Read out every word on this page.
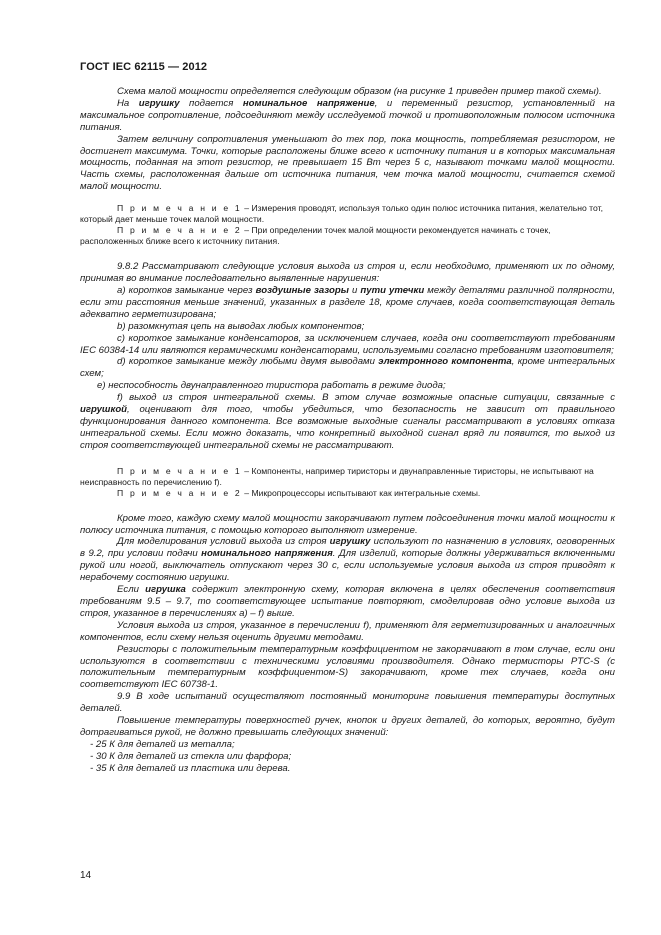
ГОСТ IEC 62115 — 2012

Схема малой мощности определяется следующим образом (на рисунке 1 приведен пример такой схемы).

На игрушку подается номинальное напряжение, и переменный резистор, установленный на максимальное сопротивление, подсоединяют между исследуемой точкой и противоположным полюсом источника питания.

Затем величину сопротивления уменьшают до тех пор, пока мощность, потребляемая резистором, не достигнет максимума. Точки, которые расположены ближе всего к источнику питания и в которых максимальная мощность, поданная на этот резистор, не превышает 15 Вт через 5 с, называют точками малой мощности. Часть схемы, расположенная дальше от источника питания, чем точка малой мощности, считается схемой малой мощности.

П р и м е ч а н и е 1 – Измерения проводят, используя только один полюс источника питания, желательно тот, который дает меньше точек малой мощности.

П р и м е ч а н и е 2 – При определении точек малой мощности рекомендуется начинать с точек, расположенных ближе всего к источнику питания.

9.8.2 Рассматривают следующие условия выхода из строя и, если необходимо, применяют их по одному, принимая во внимание последовательно выявленные нарушения:

a) коротков замыкание через воздушные зазоры и пути утечки между деталями различной полярности, если эти расстояния меньше значений, указанных в разделе 18, кроме случаев, когда соответствующая деталь адекватно герметизирована;

b) разомкнутая цепь на выводах любых компонентов;

c) короткое замыкание конденсаторов, за исключением случаев, когда они соответствуют требованиям IEC 60384-14 или являются керамическими конденсаторами, используемыми согласно требованиям изготовителя;

d) короткое замыкание между любыми двумя выводами электронного компонента, кроме интегральных схем;

e) неспособность двунаправленного тиристора работать в режиме диода;

f) выход из строя интегральной схемы. В этом случае возможные опасные ситуации, связанные с игрушкой, оценивают для того, чтобы убедиться, что безопасность не зависит от правильного функционирования данного компонента. Все возможные выходные сигналы рассматривают в условиях отказа интегральной схемы. Если можно доказать, что конкретный выходной сигнал вряд ли появится, то выход из строя соответствующей интегральной схемы не рассматривают.

П р и м е ч а н и е 1 – Компоненты, например тиристоры и двунаправленные тиристоры, не испытывают на неисправность по перечислению f).

П р и м е ч а н и е 2 – Микропроцессоры испытывают как интегральные схемы.

Кроме того, каждую схему малой мощности закорачивают путем подсоединения точки малой мощности к полюсу источника питания, с помощью которого выполняют измерение.

Для моделирования условий выхода из строя игрушку используют по назначению в условиях, оговоренных в 9.2, при условии подачи номинального напряжения. Для изделий, которые должны удерживаться включенными рукой или ногой, выключатель отпускают через 30 с, если используемые условия выхода из строя приводят к нерабочему состоянию игрушки.

Если игрушка содержит электронную схему, которая включена в целях обеспечения соответствия требованиям 9.5 – 9.7, то соответствующее испытание повторяют, смоделировав одно условие выхода из строя, указанное в перечислениях a) – f) выше.

Условия выхода из строя, указанное в перечислении f), применяют для герметизированных и аналогичных компонентов, если схему нельзя оценить другими методами.

Резисторы с положительным температурным коэффициентом не закорачивают в том случае, если они используются в соответствии с техническими условиями производителя. Однако термисторы PTC-S (с положительным температурным коэффициентом-S) закорачивают, кроме тех случаев, когда они соответствуют IEC 60738-1.

9.9 В ходе испытаний осуществляют постоянный мониторинг повышения температуры доступных деталей.

Повышение температуры поверхностей ручек, кнопок и других деталей, до которых, вероятно, будут дотрагиваться рукой, не должно превышать следующих значений:

- 25 К для деталей из металла;
- 30 К для деталей из стекла или фарфора;
- 35 К для деталей из пластика или дерева.
14
